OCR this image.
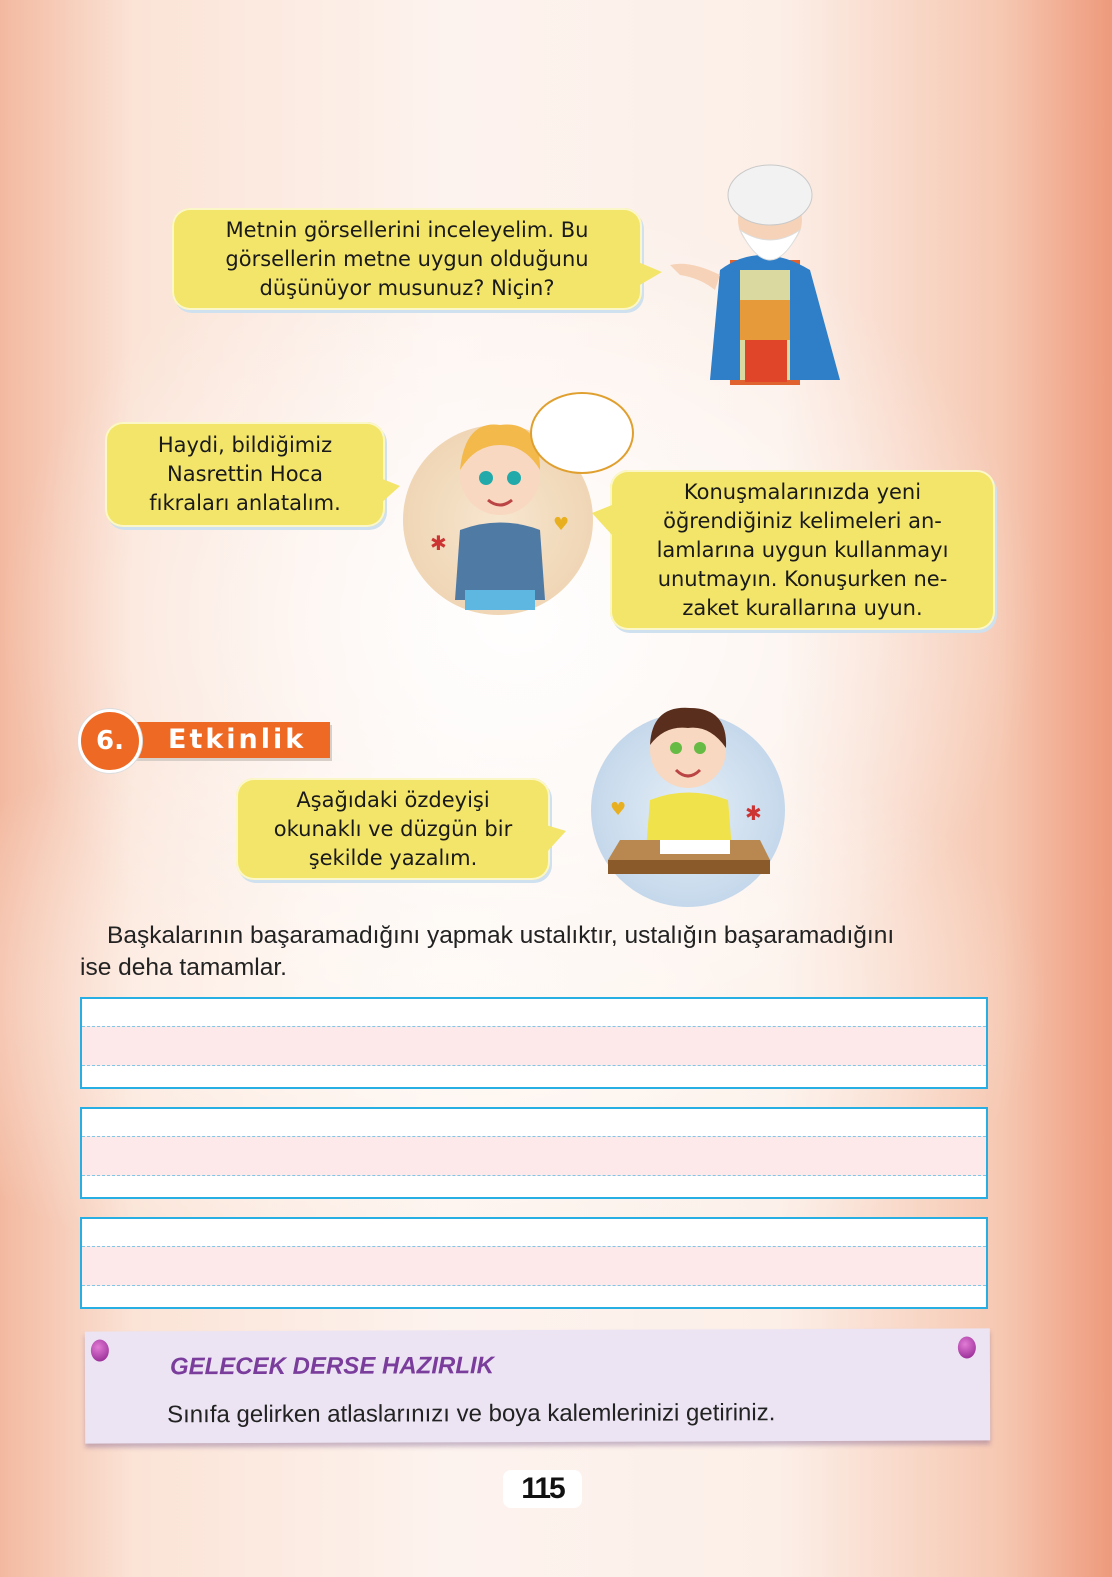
Metnin görsellerini inceleyelim. Bu
görsellerin metne uygun olduğunu
düşünüyor musunuz? Niçin?
Haydi, bildiğimiz
Nasrettin Hoca
fıkraları anlatalım.
✱
♥
Konuşmalarınızda yeni
öğrendiğiniz kelimeleri an-
lamlarına uygun kullanmayı
unutmayın. Konuşurken ne-
zaket kurallarına uyun.
Etkinlik
6.
Aşağıdaki özdeyişi
okunaklı ve düzgün bir
şekilde yazalım.
♥	✱
Başkalarının başaramadığını yapmak ustalıktır, ustalığın başaramadığını
ise deha tamamlar.
GELECEK DERSE HAZIRLIK
Sınıfa gelirken atlaslarınızı ve boya kalemlerinizi getiriniz.
115
